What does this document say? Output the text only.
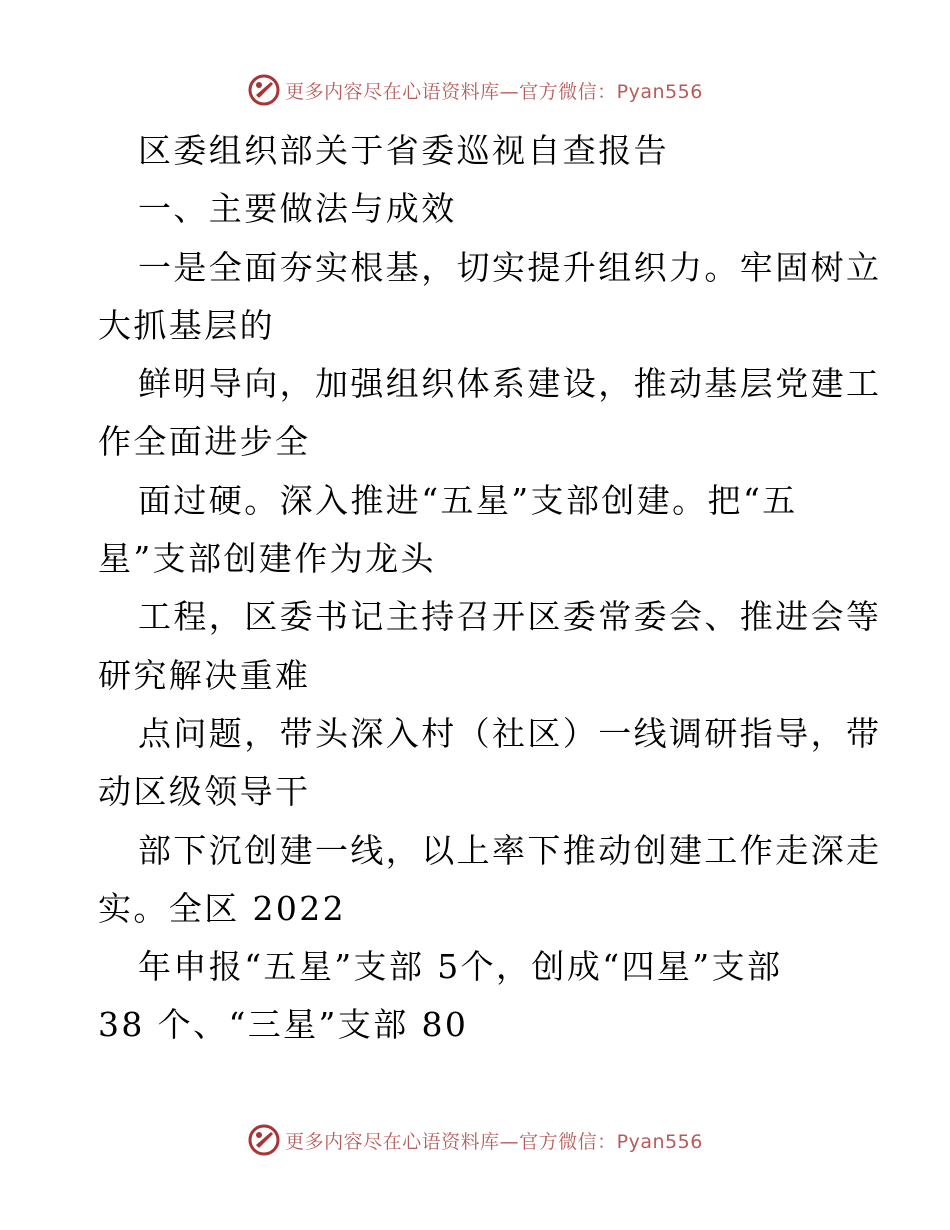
更多内容尽在心语资料库—官方微信：Pyan556
区委组织部关于省委巡视自查报告
一、主要做法与成效
一是全面夯实根基，切实提升组织力。牢固树立
大抓基层的
鲜明导向，加强组织体系建设，推动基层党建工
作全面进步全
面过硬。深入推进“五星”支部创建。把“五
星”支部创建作为龙头
工程，区委书记主持召开区委常委会、推进会等
研究解决重难
点问题，带头深入村（社区）一线调研指导，带
动区级领导干
部下沉创建一线，以上率下推动创建工作走深走
实。全区 2022
年申报“五星”支部 5个，创成“四星”支部
38 个、“三星”支部 80
更多内容尽在心语资料库—官方微信：Pyan556
